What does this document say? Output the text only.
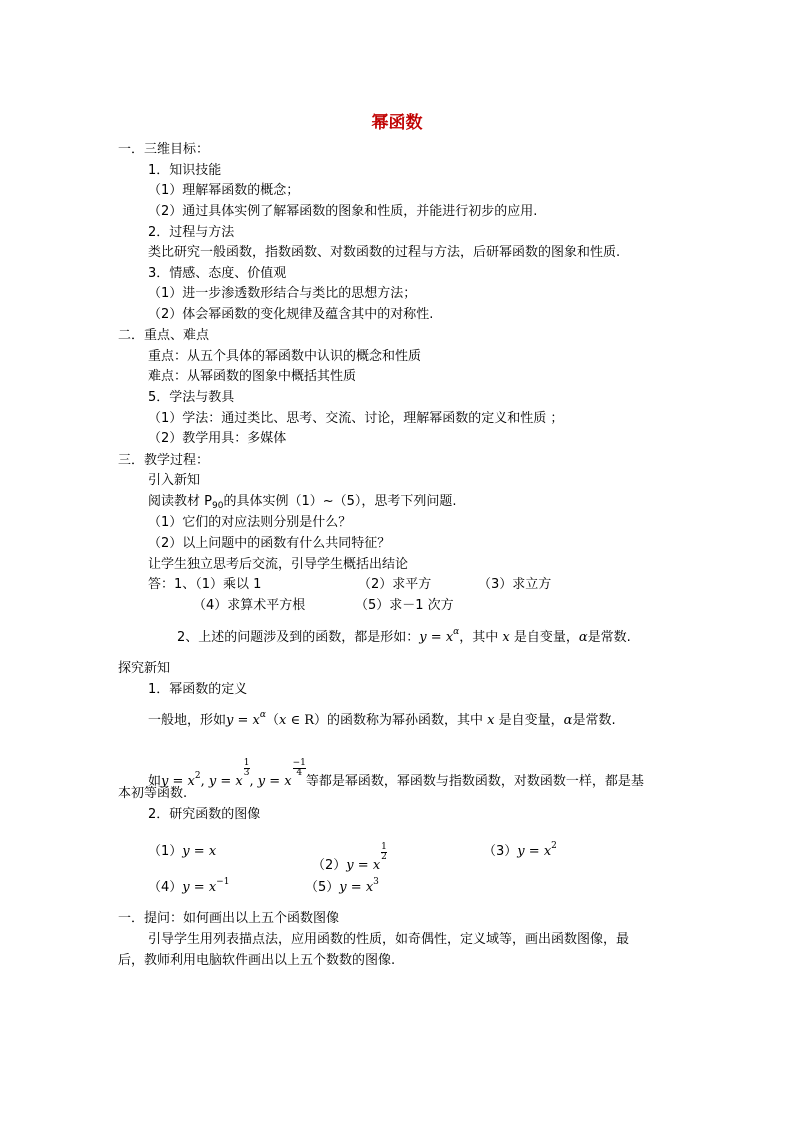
幂函数
一．三维目标：
1．知识技能
（1）理解幂函数的概念；
（2）通过具体实例了解幂函数的图象和性质，并能进行初步的应用.
2．过程与方法
类比研究一般函数，指数函数、对数函数的过程与方法，后研幂函数的图象和性质.
3．情感、态度、价值观
（1）进一步渗透数形结合与类比的思想方法；
（2）体会幂函数的变化规律及蕴含其中的对称性.
二．重点、难点
重点：从五个具体的幂函数中认识的概念和性质
难点：从幂函数的图象中概括其性质
5．学法与教具
（1）学法：通过类比、思考、交流、讨论，理解幂函数的定义和性质 ；
（2）教学用具：多媒体
三．教学过程：
引入新知
阅读教材 $P_{90}$的具体实例（1）~（5），思考下列问题.
（1）它们的对应法则分别是什么？
（2）以上问题中的函数有什么共同特征？
让学生独立思考后交流，引导学生概括出结论
答：1、（1）乘以 1	（2）求平方	（3）求立方
（4）求算术平方根	（5）求－1 次方
2、上述的问题涉及到的函数，都是形如：$y = x^\alpha$，其中 x 是自变量，α是常数.
探究新知
1．幂函数的定义
一般地，形如$y = x^\alpha(x$ ∈ R）的函数称为幂孙函数，其中 x 是自变量，α是常数.
如$y = x^2$, y = x
$\frac{1}{3}$
, y = x
$\frac{-1}{4}$
等都是幂函数，幂函数与指数函数，对数函数一样，都是基
本初等函数.
2．研究函数的图像
（1）y = x
（2）y = x
$\frac{1}{2}$	$(3)y = x^2$
$(4)y = x^{-1}$	$(5)y = x^3$
一．提问：如何画出以上五个函数图像
引导学生用列表描点法，应用函数的性质，如奇偶性，定义域等，画出函数图像，最
后，教师利用电脑软件画出以上五个数数的图像.
